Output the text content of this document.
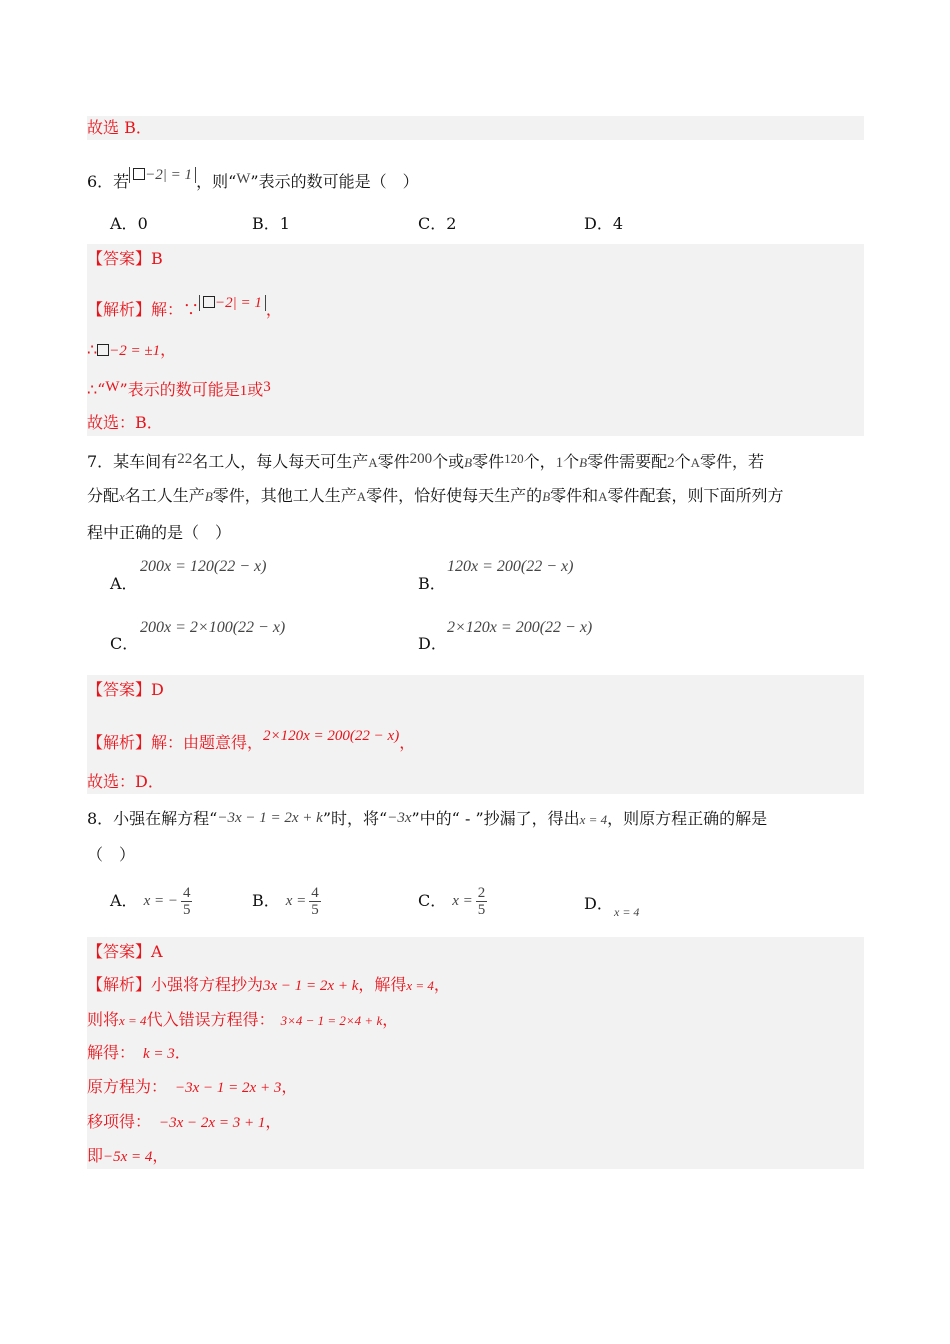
故选 B．
6．若 −2| = 1 ，则“W”表示的数可能是（　）
A．0	B．1	C．2	D．4
【答案】B
【解析】解：∵ −2| = 1 ，
∴ −2 = ±1，
∴“W”表示的数可能是1或3
故选：B．
7．某车间有22名工人，每人每天可生产A零件200个或B零件$^{120}$个，1个B零件需要配2个A零件，若
分配x名工人生产B零件，其他工人生产A零件，恰好使每天生产的B零件和A零件配套，则下面所列方
程中正确的是（　）
A．
200x = 120(22 − x)
B．
120x = 200(22 − x)
C．
200x = 2×100(22 − x)
D．
2×120x = 200(22 − x)
【答案】D
【解析】解：由题意得，2×120x = 200(22 − x)，
故选：D．
8．小强在解方程“−3x − 1 = 2x + k”时，将“−3x”中的“ - ”抄漏了，得出x = 4，则原方程正确的解是
（　）
A． x = − $\frac{4}{5}$	B． $x = \frac{4}{5}$	C． $x = \frac{2}{5}$	D． x = 4
【答案】A
【解析】小强将方程抄为3x − 1 = 2x + k，解得x = 4，
则将x = 4代入错误方程得： 3×4 − 1 = 2×4 + k，
解得： k = 3．
原方程为： −3x − 1 = 2x + 3，
移项得： −3x − 2x = 3 + 1，
即−5x = 4，
